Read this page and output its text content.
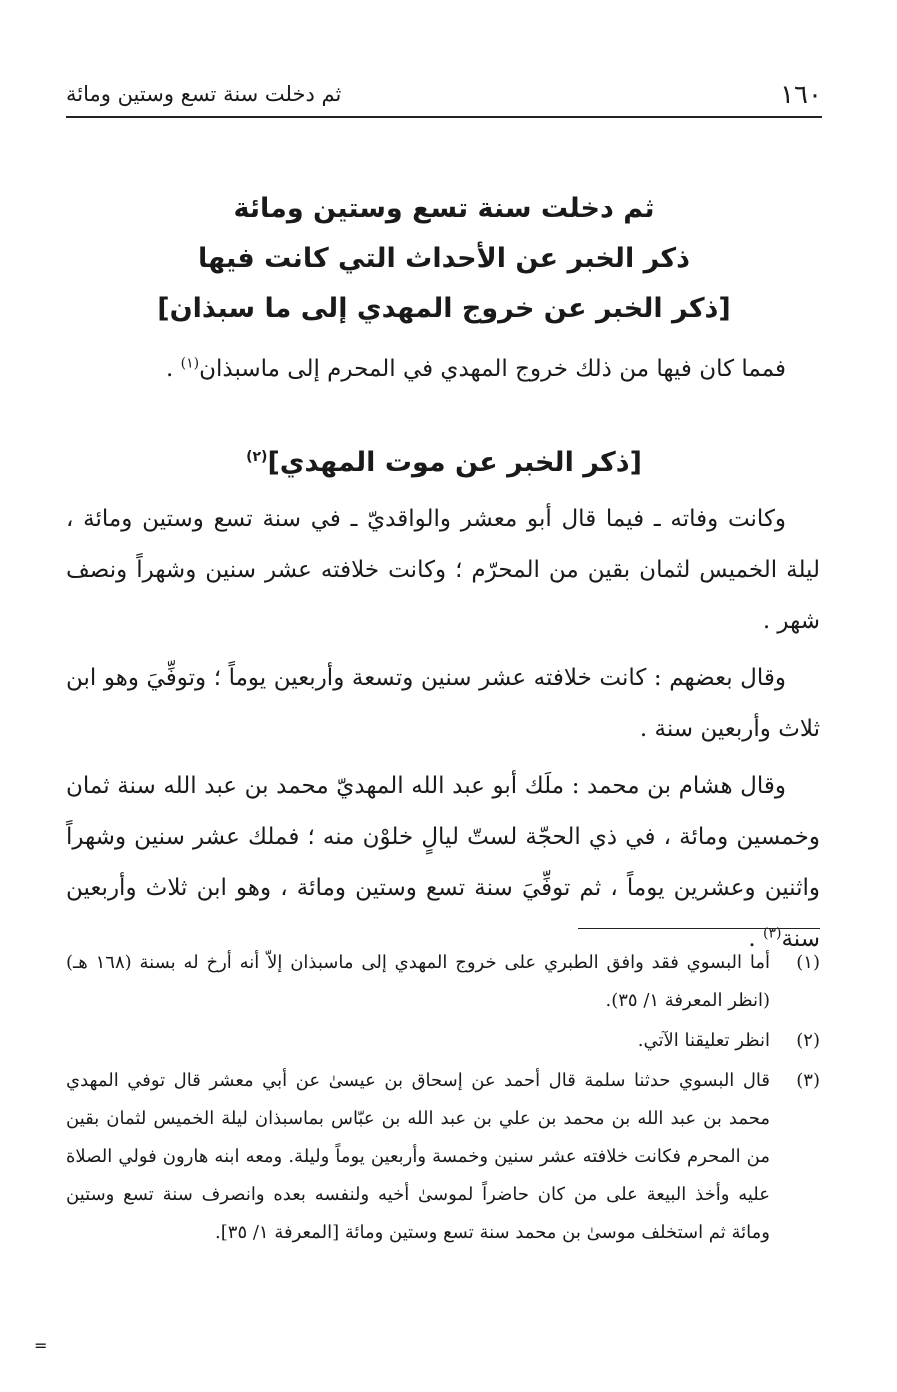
١٦٠
ثم دخلت سنة تسع وستين ومائة

ثم دخلت سنة تسع وستين ومائة

ذكر الخبر عن الأحداث التي كانت فيها

[ذكر الخبر عن خروج المهدي إلى ما سبذان]

فمما كان فيها من ذلك خروج المهدي في المحرم إلى ماسبذان$^{(١)}$ .

[ذكر الخبر عن موت المهدي]$^{(٢)}$

وكانت وفاته ـ فيما قال أبو معشر والواقديّ ـ في سنة تسع وستين ومائة ، ليلة الخميس لثمان بقين من المحرّم ؛ وكانت خلافته عشر سنين وشهراً ونصف شهر .

وقال بعضهم : كانت خلافته عشر سنين وتسعة وأربعين يوماً ؛ وتوفِّيَ وهو ابن ثلاث وأربعين سنة .

وقال هشام بن محمد : ملَك أبو عبد الله المهديّ محمد بن عبد الله سنة ثمان وخمسين ومائة ، في ذي الحجّة لستّ ليالٍ خلوْن منه ؛ فملك عشر سنين وشهراً واثنين وعشرين يوماً ، ثم توفِّيَ سنة تسع وستين ومائة ، وهو ابن ثلاث وأربعين سنة$^{(٣)}$ .

(١)
أما البسوي فقد وافق الطبري على خروج المهدي إلى ماسبذان إلاّ أنه أرخ له بسنة (١٦٨ هـ) (انظر المعرفة ١/ ٣٥).
(٢)
انظر تعليقنا الآتي.
(٣)
قال البسوي حدثنا سلمة قال أحمد عن إسحاق بن عيسىٰ عن أبي معشر قال توفي المهدي محمد بن عبد الله بن محمد بن علي بن عبد الله بن عبّاس بماسبذان ليلة الخميس لثمان بقين من المحرم فكانت خلافته عشر سنين وخمسة وأربعين يوماً وليلة. ومعه ابنه هارون فولي الصلاة عليه وأخذ البيعة على من كان حاضراً لموسىٰ أخيه ولنفسه بعده وانصرف سنة تسع وستين ومائة ثم استخلف موسىٰ بن محمد سنة تسع وستين ومائة [المعرفة ١/ ٣٥].
=
